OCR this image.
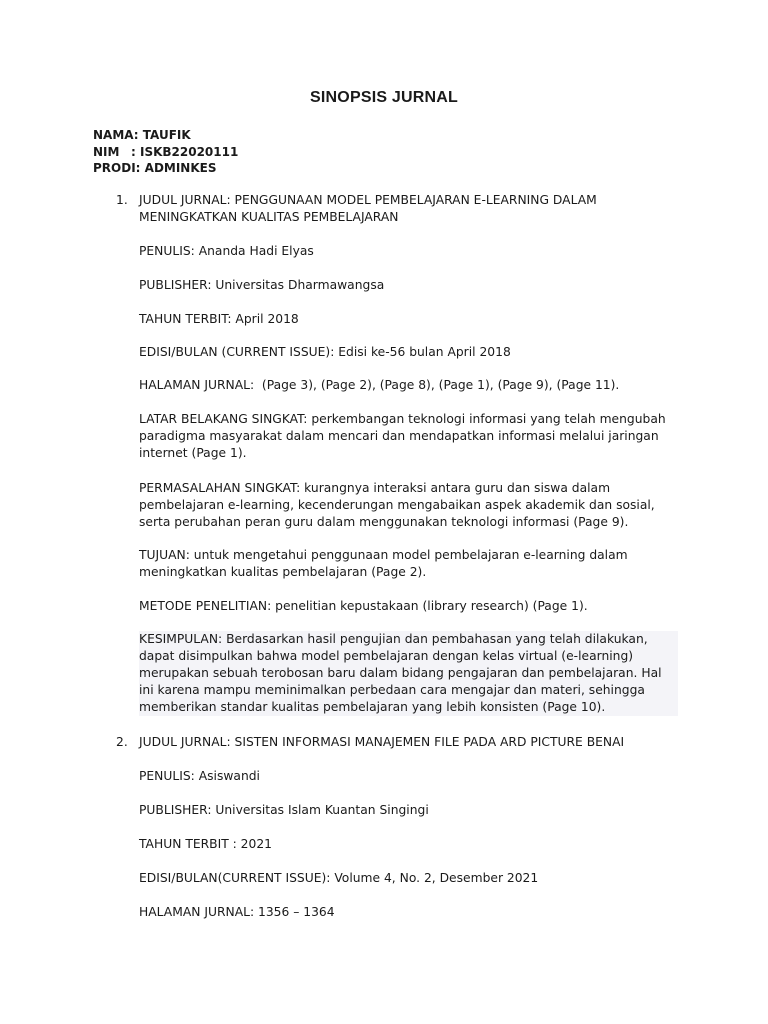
SINOPSIS JURNAL
NAMA:
TAUFIK
NIM : ISKB22020111
PRODI:
ADMINKES
1. JUDUL JURNAL: PENGGUNAAN MODEL PEMBELAJARAN E-LEARNING DALAM MENINGKATKAN KUALITAS PEMBELAJARAN
PENULIS: Ananda Hadi Elyas
PUBLISHER: Universitas Dharmawangsa
TAHUN TERBIT: April 2018
EDISI/BULAN (CURRENT ISSUE): Edisi ke-56 bulan April 2018
HALAMAN JURNAL:  (Page 3), (Page 2), (Page 8), (Page 1), (Page 9), (Page 11).
LATAR BELAKANG SINGKAT: perkembangan teknologi informasi yang telah mengubah paradigma masyarakat dalam mencari dan mendapatkan informasi melalui jaringan internet (Page 1).
PERMASALAHAN SINGKAT: kurangnya interaksi antara guru dan siswa dalam pembelajaran e-learning, kecenderungan mengabaikan aspek akademik dan sosial, serta perubahan peran guru dalam menggunakan teknologi informasi (Page 9).
TUJUAN: untuk mengetahui penggunaan model pembelajaran e-learning dalam meningkatkan kualitas pembelajaran (Page 2).
METODE PENELITIAN: penelitian kepustakaan (library research) (Page 1).
KESIMPULAN: Berdasarkan hasil pengujian dan pembahasan yang telah dilakukan, dapat disimpulkan bahwa model pembelajaran dengan kelas virtual (e-learning) merupakan sebuah terobosan baru dalam bidang pengajaran dan pembelajaran. Hal ini karena mampu meminimalkan perbedaan cara mengajar dan materi, sehingga memberikan standar kualitas pembelajaran yang lebih konsisten (Page 10).
2. JUDUL JURNAL: SISTEN INFORMASI MANAJEMEN FILE PADA ARD PICTURE BENAI
PENULIS: Asiswandi
PUBLISHER: Universitas Islam Kuantan Singingi
TAHUN TERBIT : 2021
EDISI/BULAN(CURRENT ISSUE): Volume 4, No. 2, Desember 2021
HALAMAN JURNAL: 1356 – 1364
